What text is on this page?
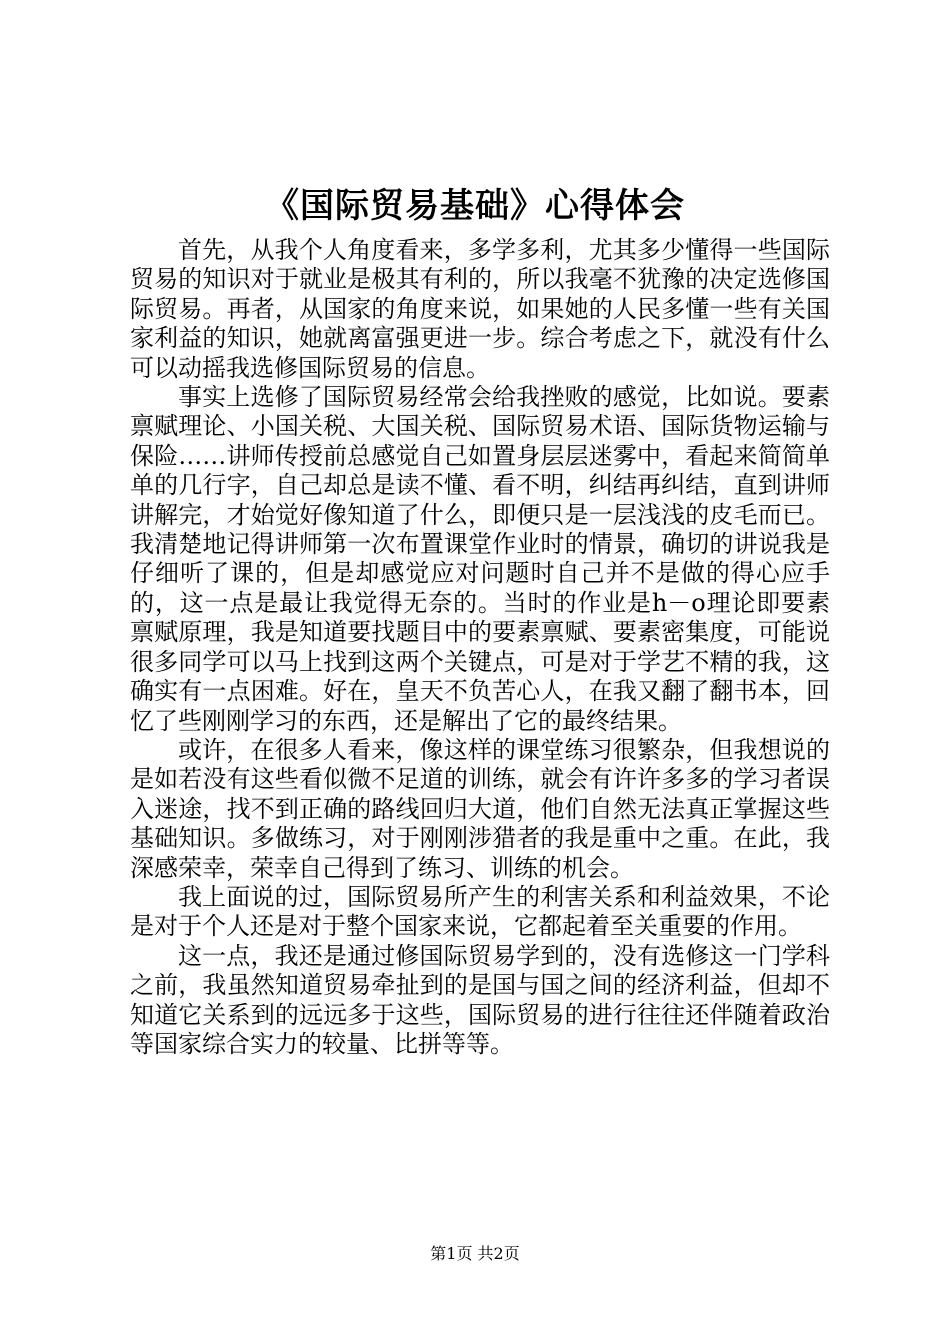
《国际贸易基础》心得体会

首先，从我个人角度看来，多学多利，尤其多少懂得一些国际贸易的知识对于就业是极其有利的，所以我毫不犹豫的决定选修国际贸易。再者，从国家的角度来说，如果她的人民多懂一些有关国家利益的知识，她就离富强更进一步。综合考虑之下，就没有什么可以动摇我选修国际贸易的信息。

事实上选修了国际贸易经常会给我挫败的感觉，比如说。要素禀赋理论、小国关税、大国关税、国际贸易术语、国际货物运输与保险……讲师传授前总感觉自己如置身层层迷雾中，看起来简简单单的几行字，自己却总是读不懂、看不明，纠结再纠结，直到讲师讲解完，才始觉好像知道了什么，即便只是一层浅浅的皮毛而已。我清楚地记得讲师第一次布置课堂作业时的情景，确切的讲说我是仔细听了课的，但是却感觉应对问题时自己并不是做的得心应手的，这一点是最让我觉得无奈的。当时的作业是h－o理论即要素禀赋原理，我是知道要找题目中的要素禀赋、要素密集度，可能说很多同学可以马上找到这两个关键点，可是对于学艺不精的我，这确实有一点困难。好在，皇天不负苦心人，在我又翻了翻书本，回忆了些刚刚学习的东西，还是解出了它的最终结果。

或许，在很多人看来，像这样的课堂练习很繁杂，但我想说的是如若没有这些看似微不足道的训练，就会有许许多多的学习者误入迷途，找不到正确的路线回归大道，他们自然无法真正掌握这些基础知识。多做练习，对于刚刚涉猎者的我是重中之重。在此，我深感荣幸，荣幸自己得到了练习、训练的机会。

我上面说的过，国际贸易所产生的利害关系和利益效果，不论是对于个人还是对于整个国家来说，它都起着至关重要的作用。

这一点，我还是通过修国际贸易学到的，没有选修这一门学科之前，我虽然知道贸易牵扯到的是国与国之间的经济利益，但却不知道它关系到的远远多于这些，国际贸易的进行往往还伴随着政治等国家综合实力的较量、比拼等等。

第1页 共2页
